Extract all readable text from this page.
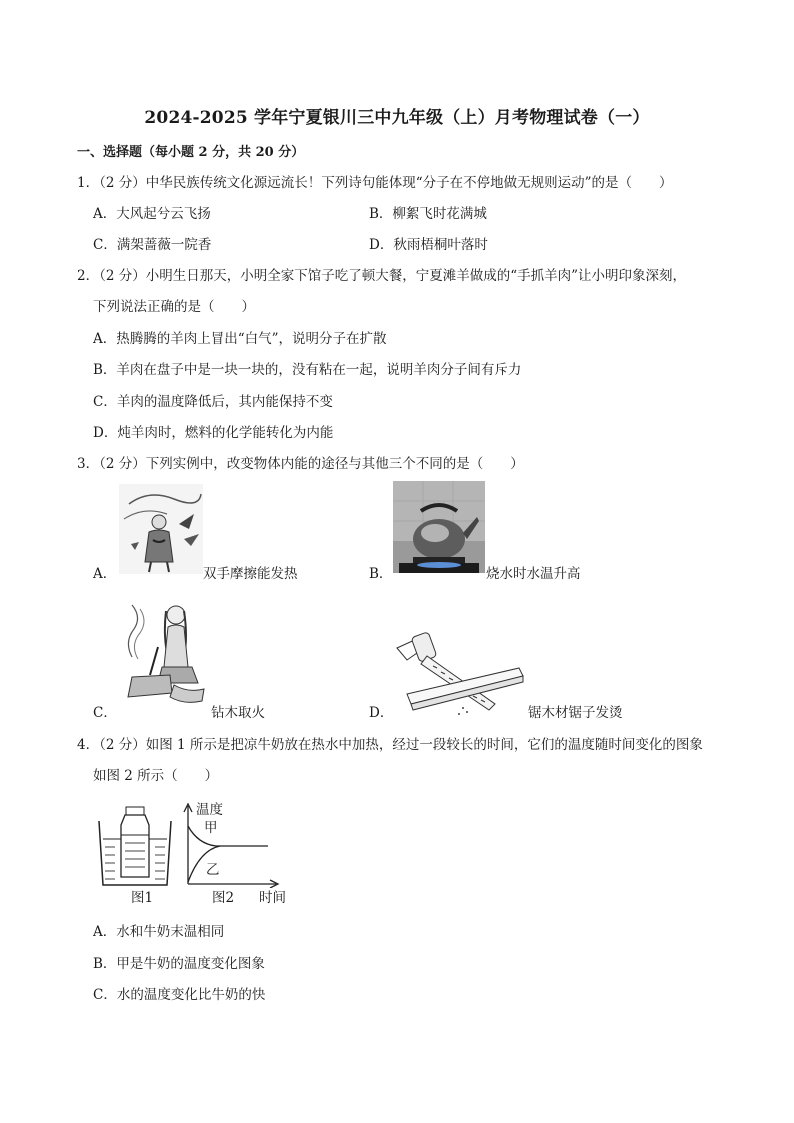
2024-2025 学年宁夏银川三中九年级（上）月考物理试卷（一）
一、选择题（每小题 2 分，共 20 分）
1．（2 分）中华民族传统文化源远流长！下列诗句能体现“分子在不停地做无规则运动”的是（　　）
A．大风起兮云飞扬	B．柳絮飞时花满城
C．满架蔷薇一院香	D．秋雨梧桐叶落时
2．（2 分）小明生日那天，小明全家下馆子吃了顿大餐，宁夏滩羊做成的“手抓羊肉”让小明印象深刻，
下列说法正确的是（　　）
A．热腾腾的羊肉上冒出“白气”，说明分子在扩散
B．羊肉在盘子中是一块一块的，没有粘在一起，说明羊肉分子间有斥力
C．羊肉的温度降低后，其内能保持不变
D．炖羊肉时，燃料的化学能转化为内能
3．（2 分）下列实例中，改变物体内能的途径与其他三个不同的是（　　）
A．	双手摩擦能发热	B．	烧水时水温升高
C．	钻木取火	D．	锯木材锯子发烫
4．（2 分）如图 1 所示是把凉牛奶放在热水中加热，经过一段较长的时间，它们的温度随时间变化的图象
如图 2 所示（　　）
图1
温度
甲
乙
图2 时间
A．水和牛奶末温相同
B．甲是牛奶的温度变化图象
C．水的温度变化比牛奶的快
